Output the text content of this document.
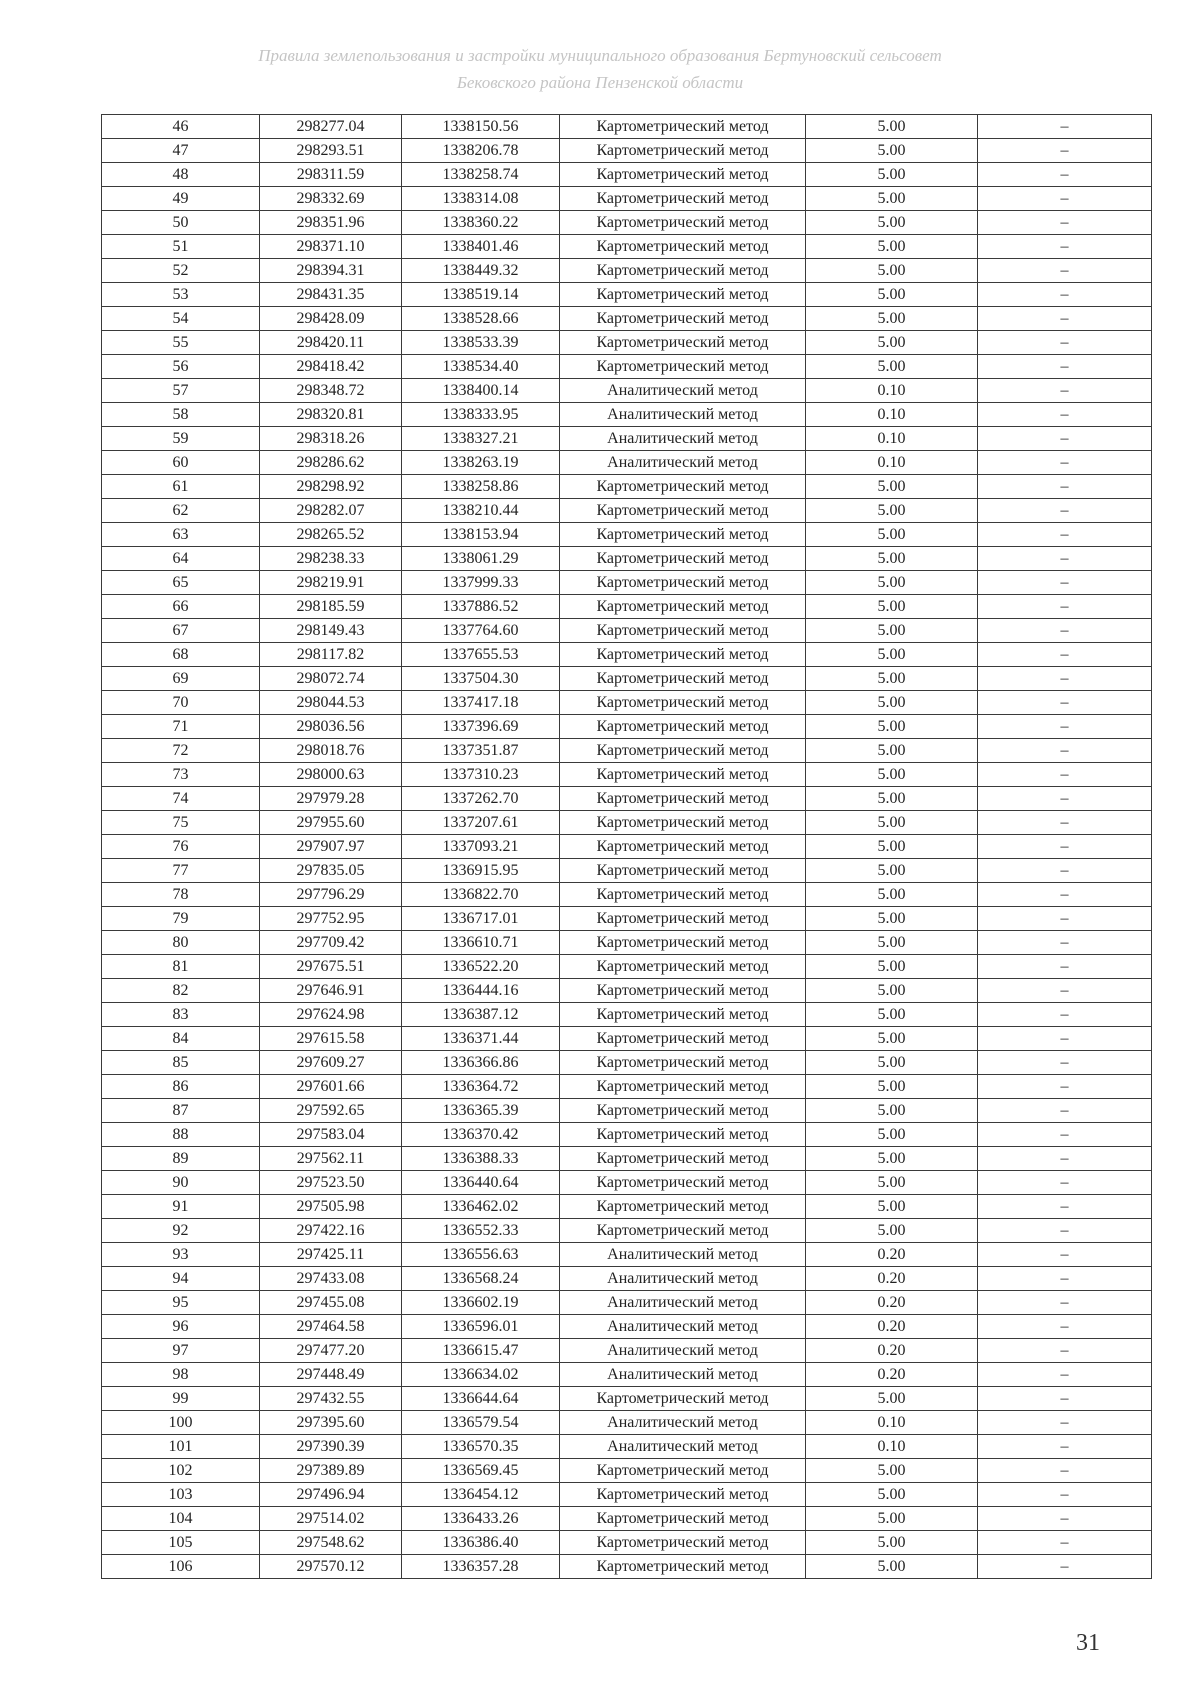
Правила землепользования и застройки муниципального образования Бертуновский сельсовет
Бековского района Пензенской области
46	298277.04	1338150.56	Картометрический метод	5.00	–
47	298293.51	1338206.78	Картометрический метод	5.00	–
48	298311.59	1338258.74	Картометрический метод	5.00	–
49	298332.69	1338314.08	Картометрический метод	5.00	–
50	298351.96	1338360.22	Картометрический метод	5.00	–
51	298371.10	1338401.46	Картометрический метод	5.00	–
52	298394.31	1338449.32	Картометрический метод	5.00	–
53	298431.35	1338519.14	Картометрический метод	5.00	–
54	298428.09	1338528.66	Картометрический метод	5.00	–
55	298420.11	1338533.39	Картометрический метод	5.00	–
56	298418.42	1338534.40	Картометрический метод	5.00	–
57	298348.72	1338400.14	Аналитический метод	0.10	–
58	298320.81	1338333.95	Аналитический метод	0.10	–
59	298318.26	1338327.21	Аналитический метод	0.10	–
60	298286.62	1338263.19	Аналитический метод	0.10	–
61	298298.92	1338258.86	Картометрический метод	5.00	–
62	298282.07	1338210.44	Картометрический метод	5.00	–
63	298265.52	1338153.94	Картометрический метод	5.00	–
64	298238.33	1338061.29	Картометрический метод	5.00	–
65	298219.91	1337999.33	Картометрический метод	5.00	–
66	298185.59	1337886.52	Картометрический метод	5.00	–
67	298149.43	1337764.60	Картометрический метод	5.00	–
68	298117.82	1337655.53	Картометрический метод	5.00	–
69	298072.74	1337504.30	Картометрический метод	5.00	–
70	298044.53	1337417.18	Картометрический метод	5.00	–
71	298036.56	1337396.69	Картометрический метод	5.00	–
72	298018.76	1337351.87	Картометрический метод	5.00	–
73	298000.63	1337310.23	Картометрический метод	5.00	–
74	297979.28	1337262.70	Картометрический метод	5.00	–
75	297955.60	1337207.61	Картометрический метод	5.00	–
76	297907.97	1337093.21	Картометрический метод	5.00	–
77	297835.05	1336915.95	Картометрический метод	5.00	–
78	297796.29	1336822.70	Картометрический метод	5.00	–
79	297752.95	1336717.01	Картометрический метод	5.00	–
80	297709.42	1336610.71	Картометрический метод	5.00	–
81	297675.51	1336522.20	Картометрический метод	5.00	–
82	297646.91	1336444.16	Картометрический метод	5.00	–
83	297624.98	1336387.12	Картометрический метод	5.00	–
84	297615.58	1336371.44	Картометрический метод	5.00	–
85	297609.27	1336366.86	Картометрический метод	5.00	–
86	297601.66	1336364.72	Картометрический метод	5.00	–
87	297592.65	1336365.39	Картометрический метод	5.00	–
88	297583.04	1336370.42	Картометрический метод	5.00	–
89	297562.11	1336388.33	Картометрический метод	5.00	–
90	297523.50	1336440.64	Картометрический метод	5.00	–
91	297505.98	1336462.02	Картометрический метод	5.00	–
92	297422.16	1336552.33	Картометрический метод	5.00	–
93	297425.11	1336556.63	Аналитический метод	0.20	–
94	297433.08	1336568.24	Аналитический метод	0.20	–
95	297455.08	1336602.19	Аналитический метод	0.20	–
96	297464.58	1336596.01	Аналитический метод	0.20	–
97	297477.20	1336615.47	Аналитический метод	0.20	–
98	297448.49	1336634.02	Аналитический метод	0.20	–
99	297432.55	1336644.64	Картометрический метод	5.00	–
100	297395.60	1336579.54	Аналитический метод	0.10	–
101	297390.39	1336570.35	Аналитический метод	0.10	–
102	297389.89	1336569.45	Картометрический метод	5.00	–
103	297496.94	1336454.12	Картометрический метод	5.00	–
104	297514.02	1336433.26	Картометрический метод	5.00	–
105	297548.62	1336386.40	Картометрический метод	5.00	–
106	297570.12	1336357.28	Картометрический метод	5.00	–
31
